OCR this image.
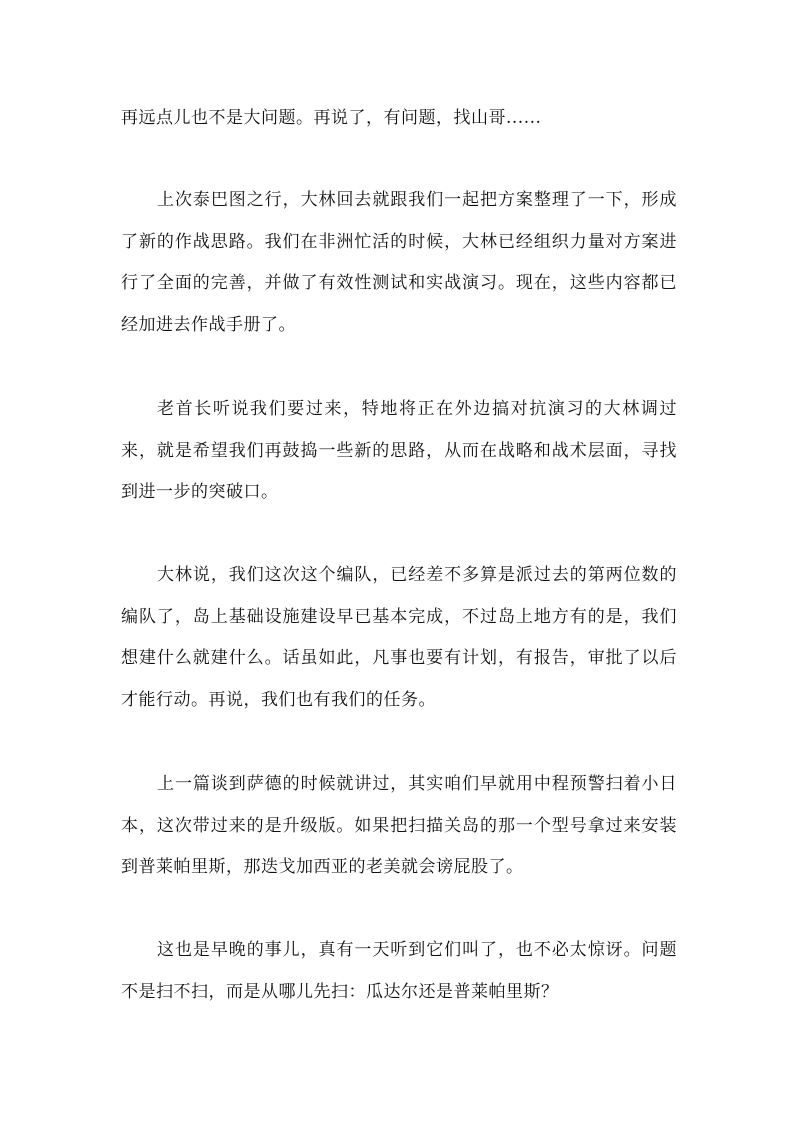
再远点儿也不是大问题。再说了，有问题，找山哥......

上次泰巴图之行，大林回去就跟我们一起把方案整理了一下，形成了新的作战思路。我们在非洲忙活的时候，大林已经组织力量对方案进行了全面的完善，并做了有效性测试和实战演习。现在，这些内容都已经加进去作战手册了。

老首长听说我们要过来，特地将正在外边搞对抗演习的大林调过来，就是希望我们再鼓捣一些新的思路，从而在战略和战术层面，寻找到进一步的突破口。

大林说，我们这次这个编队，已经差不多算是派过去的第两位数的编队了，岛上基础设施建设早已基本完成，不过岛上地方有的是，我们想建什么就建什么。话虽如此，凡事也要有计划，有报告，审批了以后才能行动。再说，我们也有我们的任务。

上一篇谈到萨德的时候就讲过，其实咱们早就用中程预警扫着小日本，这次带过来的是升级版。如果把扫描关岛的那一个型号拿过来安装到普莱帕里斯，那迭戈加西亚的老美就会谤屁股了。

这也是早晚的事儿，真有一天听到它们叫了，也不必太惊讶。问题不是扫不扫，而是从哪儿先扫：瓜达尔还是普莱帕里斯？
